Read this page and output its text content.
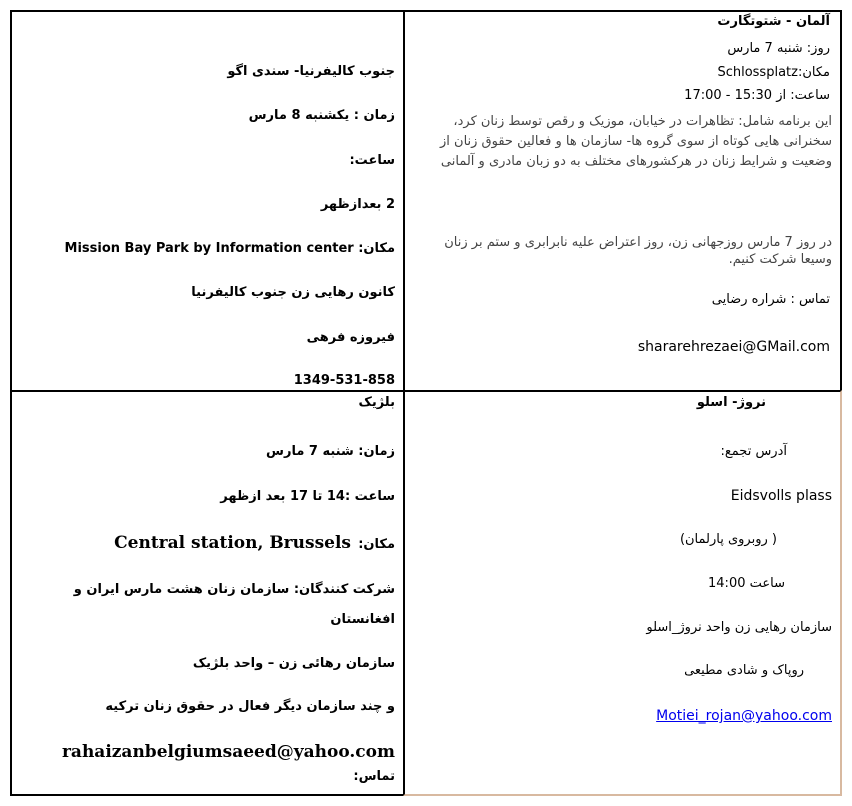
جنوب کالیفرنیا- سندی اگو
زمان : یکشنبه 8 مارس
ساعت:
2 بعدازظهر
مکان: Mission Bay Park by Information center
کانون رهایی زن جنوب کالیفرنیا
فیروزه فرهی
1349-531-858
آلمان - شتوتگارت
روز: شنبه 7 مارس
مکان:Schlossplatz
ساعت: از 15:30 - 17:00
این برنامه شامل: تظاهرات در خیابان، موزیک و رقص توسط زنان کرد، سخنرانی هایی کوتاه از سوی گروه ها- سازمان ها و فعالین حقوق زنان از وضعیت و شرایط زنان در هرکشورهای مختلف به دو زبان مادری و آلمانی
در روز 7 مارس روزجهانی زن، روز اعتراض علیه نابرابری و ستم بر زنان وسیعا شرکت کنیم.
تماس : شراره رضایی
shararehrezaei@GMail.com
بلژیک
زمان: شنبه 7 مارس
ساعت :14 تا 17 بعد ازظهر
مکان:
Central station, Brussels
شرکت کنندگان: سازمان زنان هشت مارس ایران و
افغانستان
سازمان رهائی زن – واحد بلژیک
و چند سازمان دیگر فعال در حقوق زنان ترکیه
rahaizanbelgiumsaeed@yahoo.com
تماس:
نروژ- اسلو
آدرس تجمع:
Eidsvolls plass
( روبروی پارلمان)
ساعت 14:00
سازمان رهایی زن واحد نروژ_اسلو
روپاک و شادی مطیعی
Motiei_rojan@yahoo.com
